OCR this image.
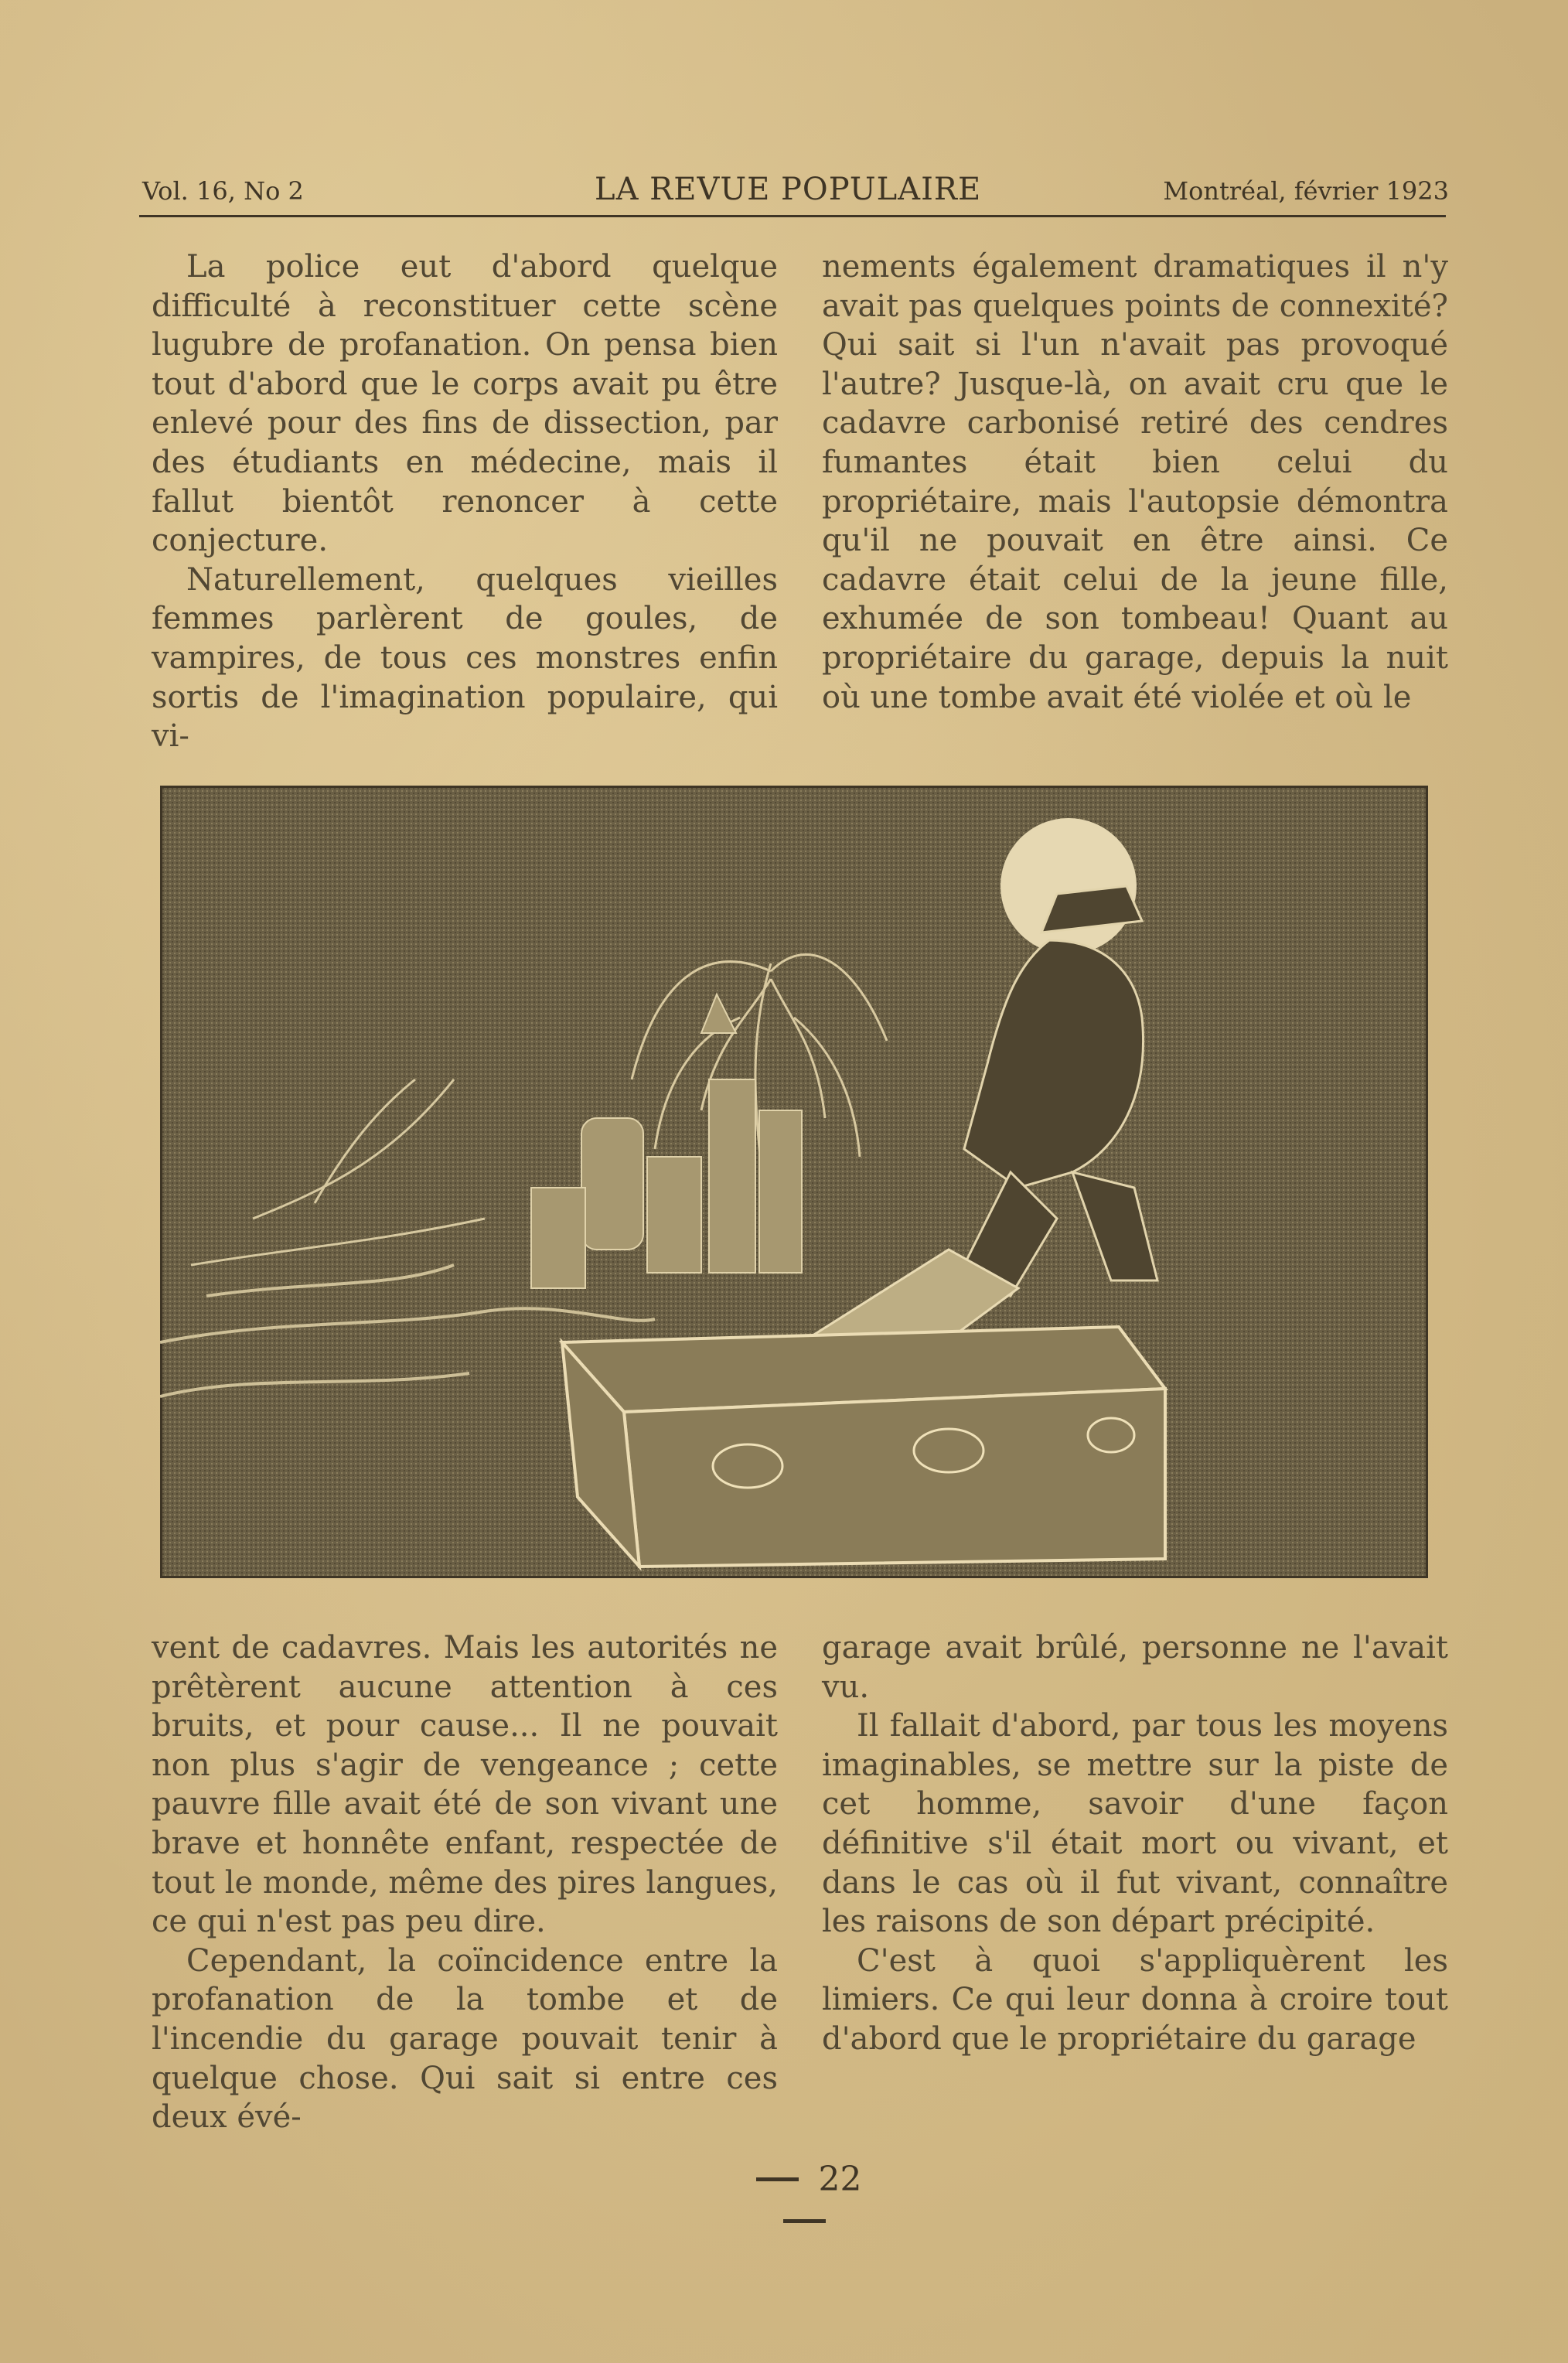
Vol. 16, No 2	LA REVUE POPULAIRE	Montréal, février 1923

La police eut d'abord quelque difficulté à reconstituer cette scène lugubre de profanation. On pensa bien tout d'abord que le corps avait pu être enlevé pour des fins de dissection, par des étudiants en médecine, mais il fallut bientôt renoncer à cette conjecture.

Naturellement, quelques vieilles femmes parlèrent de goules, de vampires, de tous ces monstres enfin sortis de l'imagination populaire, qui vi-

nements également dramatiques il n'y avait pas quelques points de connexité? Qui sait si l'un n'avait pas provoqué l'autre? Jusque-là, on avait cru que le cadavre carbonisé retiré des cendres fumantes était bien celui du propriétaire, mais l'autopsie démontra qu'il ne pouvait en être ainsi. Ce cadavre était celui de la jeune fille, exhumée de son tombeau! Quant au propriétaire du garage, depuis la nuit où une tombe avait été violée et où le

vent de cadavres. Mais les autorités ne prêtèrent aucune attention à ces bruits, et pour cause... Il ne pouvait non plus s'agir de vengeance ; cette pauvre fille avait été de son vivant une brave et honnête enfant, respectée de tout le monde, même des pires langues, ce qui n'est pas peu dire.

Cependant, la coïncidence entre la profanation de la tombe et de l'incendie du garage pouvait tenir à quelque chose. Qui sait si entre ces deux évé-

garage avait brûlé, personne ne l'avait vu.

Il fallait d'abord, par tous les moyens imaginables, se mettre sur la piste de cet homme, savoir d'une façon définitive s'il était mort ou vivant, et dans le cas où il fut vivant, connaître les raisons de son départ précipité.

C'est à quoi s'appliquèrent les limiers. Ce qui leur donna à croire tout d'abord que le propriétaire du garage

22
